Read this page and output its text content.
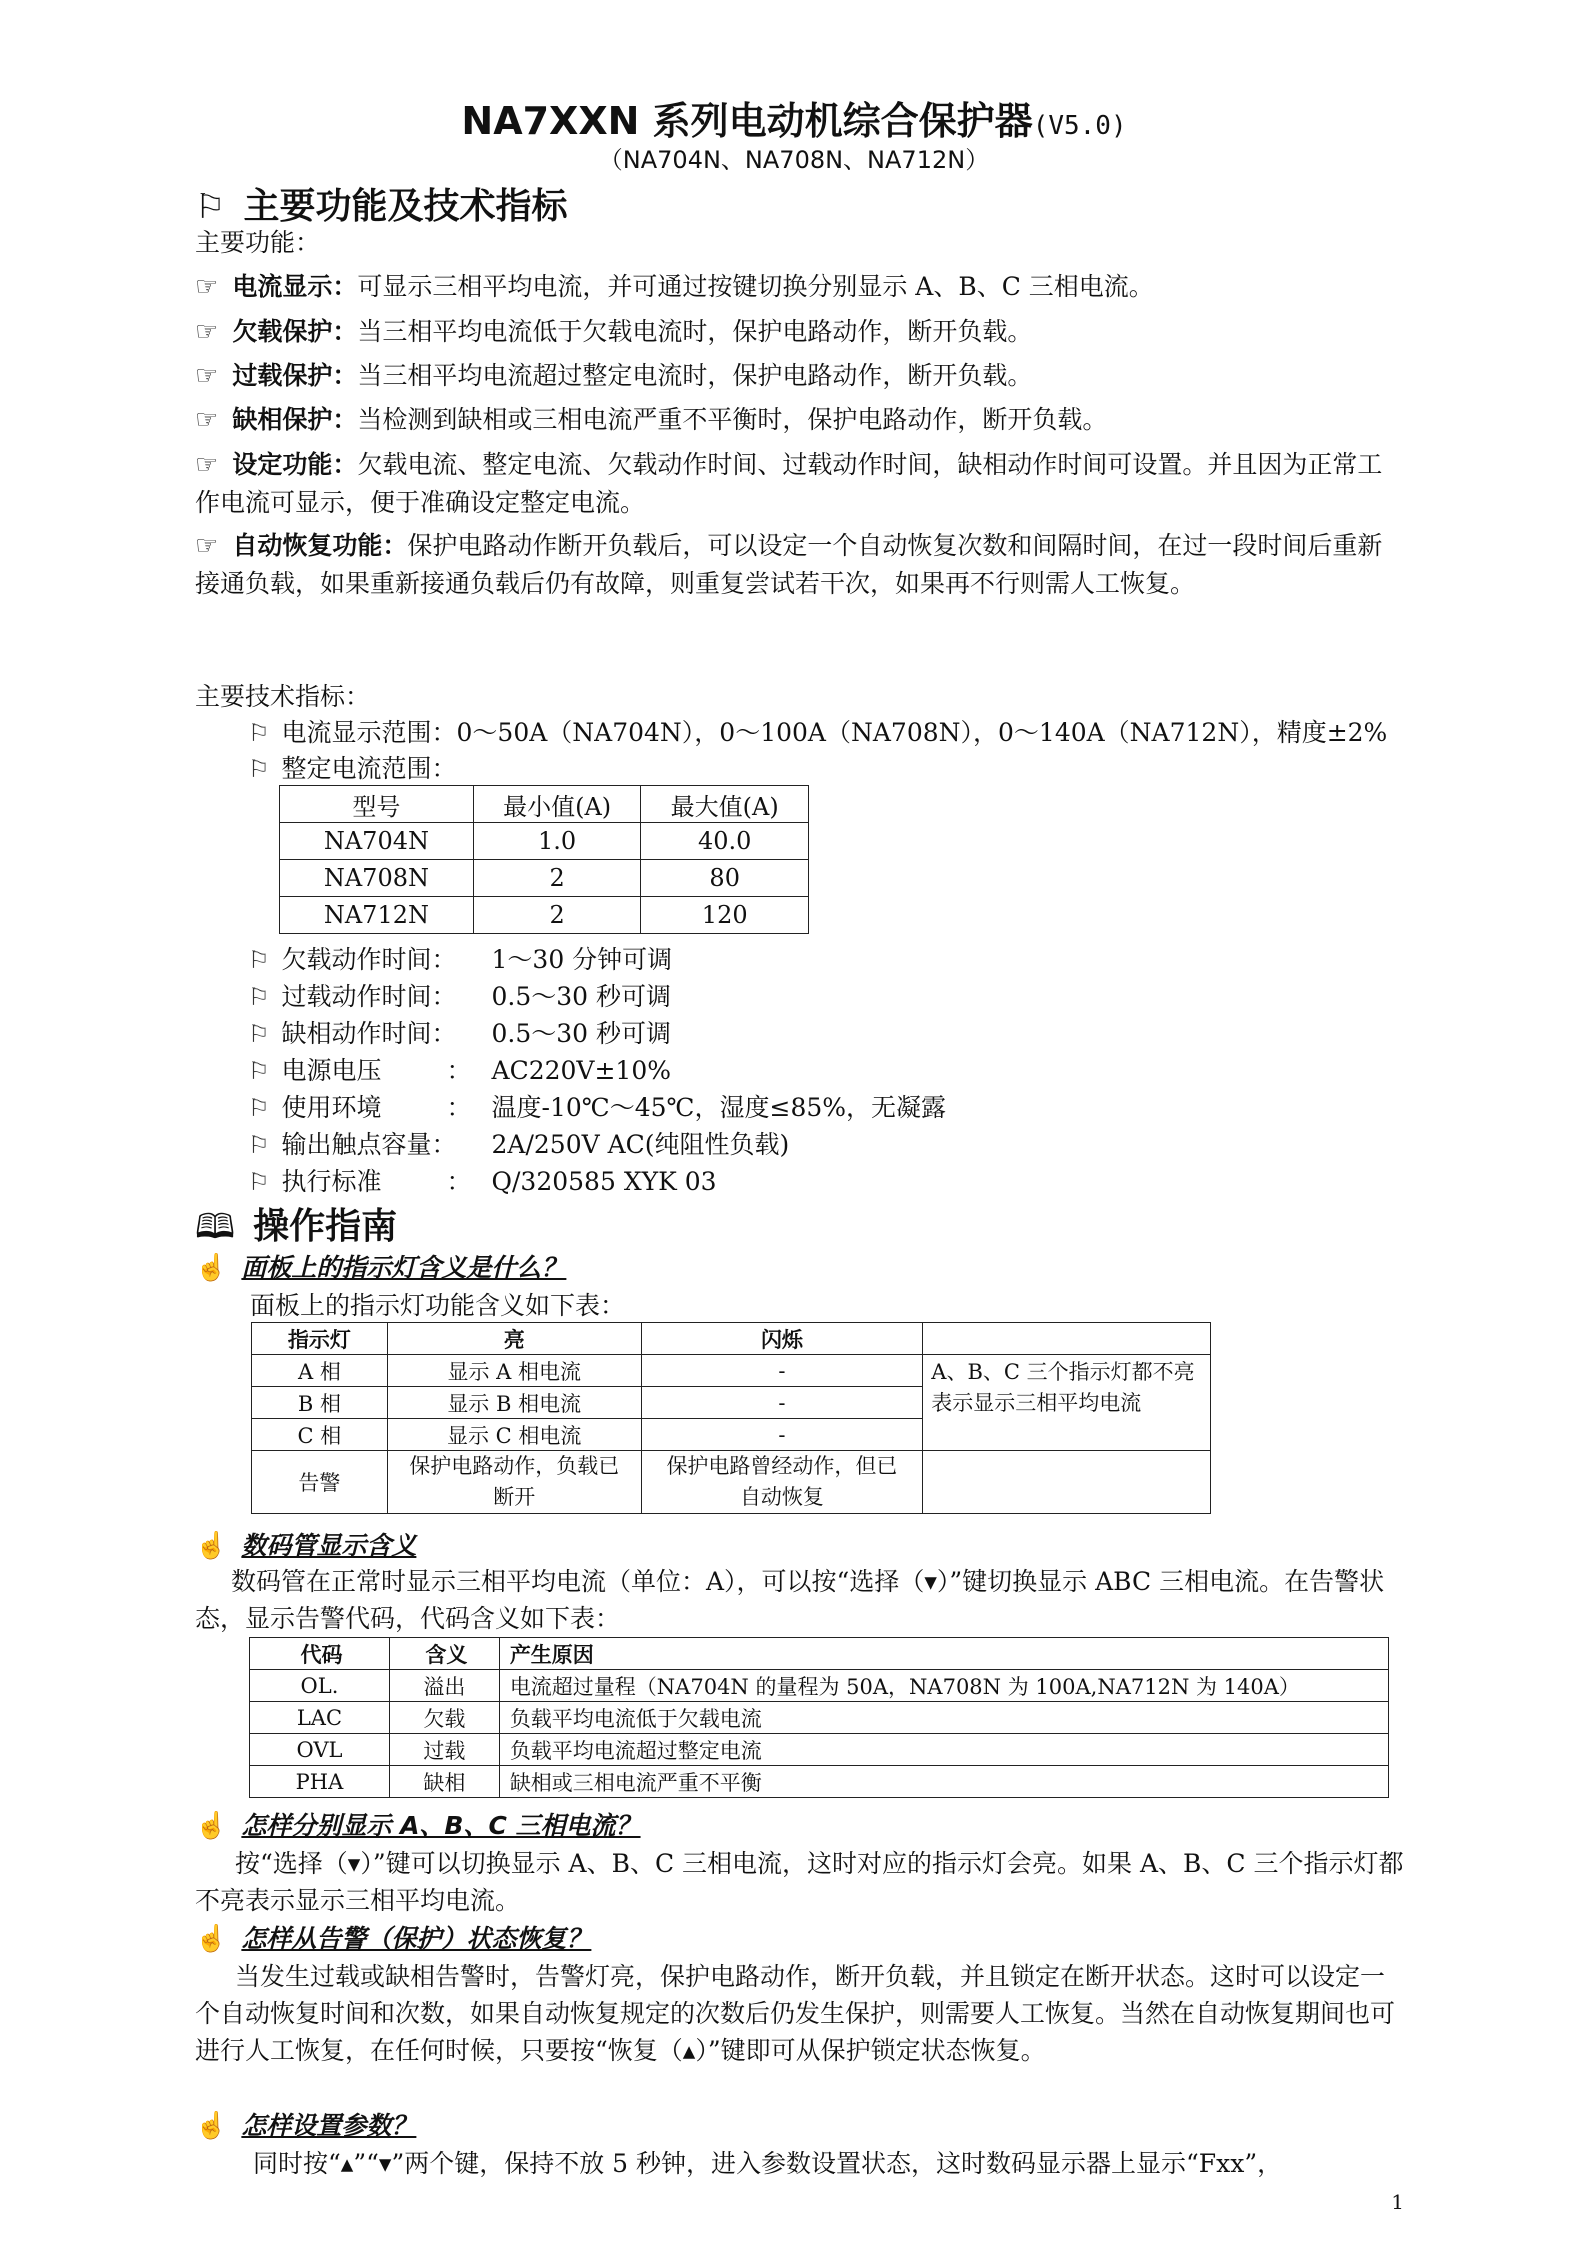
NA7XXN 系列电动机综合保护器(V5.0)
（NA704N、NA708N、NA712N）
⚐ 主要功能及技术指标
主要功能：
☞ 电流显示：可显示三相平均电流，并可通过按键切换分别显示 A、B、C 三相电流。
☞ 欠载保护：当三相平均电流低于欠载电流时，保护电路动作，断开负载。
☞ 过载保护：当三相平均电流超过整定电流时，保护电路动作，断开负载。
☞ 缺相保护：当检测到缺相或三相电流严重不平衡时，保护电路动作，断开负载。
☞ 设定功能：欠载电流、整定电流、欠载动作时间、过载动作时间，缺相动作时间可设置。并且因为正常工作电流可显示，便于准确设定整定电流。
☞ 自动恢复功能：保护电路动作断开负载后，可以设定一个自动恢复次数和间隔时间，在过一段时间后重新接通负载，如果重新接通负载后仍有故障，则重复尝试若干次，如果再不行则需人工恢复。
主要技术指标：
⚐ 电流显示范围：0～50A（NA704N），0～100A（NA708N），0～140A（NA712N），精度±2%
⚐ 整定电流范围：
型号	最小值(A)	最大值(A)
NA704N	1.0	40.0
NA708N	2	80
NA712N	2	120
⚐ 欠载动作时间： 1～30 分钟可调
⚐ 过载动作时间： 0.5～30 秒可调
⚐ 缺相动作时间： 0.5～30 秒可调
⚐ 电源电压	： AC220V±10%
⚐ 使用环境	： 温度-10℃～45℃，湿度≤85%，无凝露
⚐ 输出触点容量： 2A/250V AC(纯阻性负载)
⚐ 执行标准	： Q/320585 XYK 03
🕮 操作指南
☝ 面板上的指示灯含义是什么？
面板上的指示灯功能含义如下表：
指示灯	亮	闪烁	
A 相	显示 A 相电流	-	A、B、C 三个指示灯都不亮表示显示三相平均电流
B 相	显示 B 相电流	-	
C 相	显示 C 相电流	-	
告警	保护电路动作，负载已断开	保护电路曾经动作，但已自动恢复	
☝ 数码管显示含义
数码管在正常时显示三相平均电流（单位：A），可以按“选择（▾）”键切换显示 ABC 三相电流。在告警状态，显示告警代码，代码含义如下表：
代码	含义	产生原因
OL.	溢出	电流超过量程（NA704N 的量程为 50A，NA708N 为 100A,NA712N 为 140A）
LAC	欠载	负载平均电流低于欠载电流
OVL	过载	负载平均电流超过整定电流
PHA	缺相	缺相或三相电流严重不平衡
☝ 怎样分别显示 A、B、C 三相电流？
按“选择（▾）”键可以切换显示 A、B、C 三相电流，这时对应的指示灯会亮。如果 A、B、C 三个指示灯都不亮表示显示三相平均电流。
☝ 怎样从告警（保护）状态恢复？
当发生过载或缺相告警时，告警灯亮，保护电路动作，断开负载，并且锁定在断开状态。这时可以设定一个自动恢复时间和次数，如果自动恢复规定的次数后仍发生保护，则需要人工恢复。当然在自动恢复期间也可进行人工恢复，在任何时候，只要按“恢复（▴）”键即可从保护锁定状态恢复。
☝ 怎样设置参数？
同时按“▴”“▾”两个键，保持不放 5 秒钟，进入参数设置状态，这时数码显示器上显示“Fxx”，
1
